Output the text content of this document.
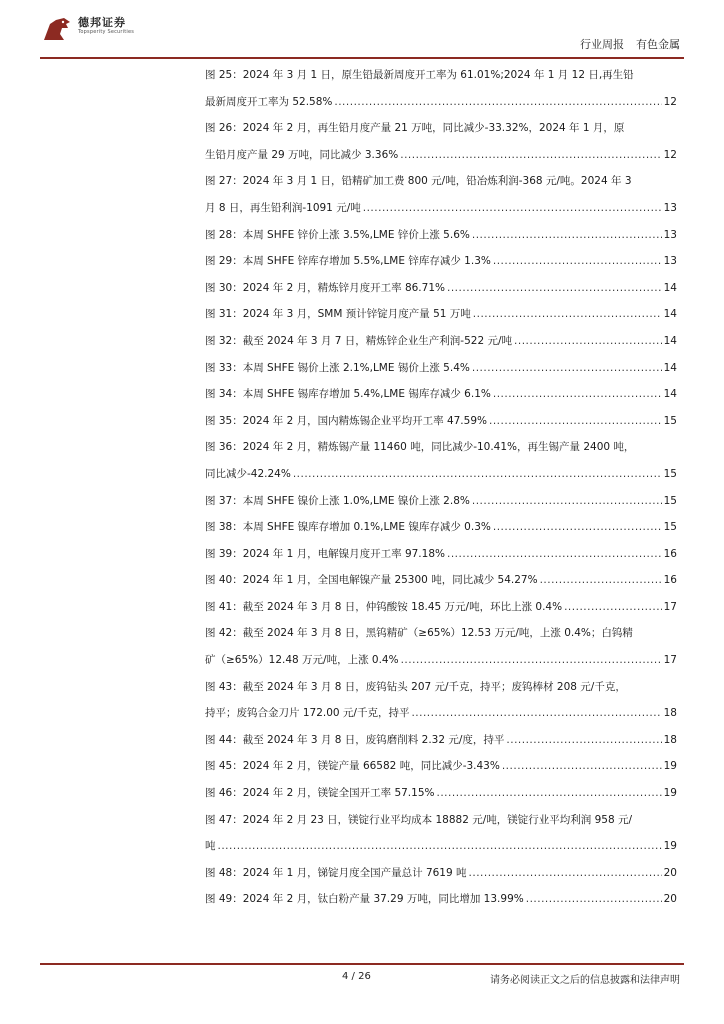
德邦证券
Topsperity Securities
行业周报 有色金属
图 25：2024 年 3 月 1 日，原生铅最新周度开工率为 61.01%;2024 年 1 月 12 日,再生铅
最新周度开工率为 52.58% .....	12
图 26：2024 年 2 月，再生铅月度产量 21 万吨，同比减少-33.32%，2024 年 1 月，原
生铅月度产量 29 万吨，同比减少 3.36% .....	12
图 27：2024 年 3 月 1 日，铅精矿加工费 800 元/吨，铅冶炼利润-368 元/吨。2024 年 3
月 8 日，再生铅利润-1091 元/吨 .....	13
图 28：本周 SHFE 锌价上涨 3.5%,LME 锌价上涨 5.6% .....	13
图 29：本周 SHFE 锌库存增加 5.5%,LME 锌库存减少 1.3% .....	13
图 30：2024 年 2 月，精炼锌月度开工率 86.71% .....	14
图 31：2024 年 3 月，SMM 预计锌锭月度产量 51 万吨 .....	14
图 32：截至 2024 年 3 月 7 日，精炼锌企业生产利润-522 元/吨 .....	14
图 33：本周 SHFE 锡价上涨 2.1%,LME 锡价上涨 5.4% .....	14
图 34：本周 SHFE 锡库存增加 5.4%,LME 锡库存减少 6.1% .....	14
图 35：2024 年 2 月，国内精炼锡企业平均开工率 47.59% .....	15
图 36：2024 年 2 月，精炼锡产量 11460 吨，同比减少-10.41%，再生锡产量 2400 吨，
同比减少-42.24% .....	15
图 37：本周 SHFE 镍价上涨 1.0%,LME 镍价上涨 2.8% .....	15
图 38：本周 SHFE 镍库存增加 0.1%,LME 镍库存减少 0.3% .....	15
图 39：2024 年 1 月，电解镍月度开工率 97.18% .....	16
图 40：2024 年 1 月，全国电解镍产量 25300 吨，同比减少 54.27% .....	16
图 41：截至 2024 年 3 月 8 日，仲钨酸铵 18.45 万元/吨，环比上涨 0.4% .....	17
图 42：截至 2024 年 3 月 8 日，黑钨精矿（≥65%）12.53 万元/吨，上涨 0.4%；白钨精
矿（≥65%）12.48 万元/吨，上涨 0.4% .....	17
图 43：截至 2024 年 3 月 8 日，废钨钻头 207 元/千克，持平；废钨棒材 208 元/千克，
持平；废钨合金刀片 172.00 元/千克，持平 .....	18
图 44：截至 2024 年 3 月 8 日，废钨磨削料 2.32 元/度，持平 .....	18
图 45：2024 年 2 月，镁锭产量 66582 吨，同比减少-3.43% .....	19
图 46：2024 年 2 月，镁锭全国开工率 57.15% .....	19
图 47：2024 年 2 月 23 日，镁锭行业平均成本 18882 元/吨，镁锭行业平均利润 958 元/
吨 .....	19
图 48：2024 年 1 月，锑锭月度全国产量总计 7619 吨 .....	20
图 49：2024 年 2 月，钛白粉产量 37.29 万吨，同比增加 13.99% .....	20
4 / 26	请务必阅读正文之后的信息披露和法律声明
